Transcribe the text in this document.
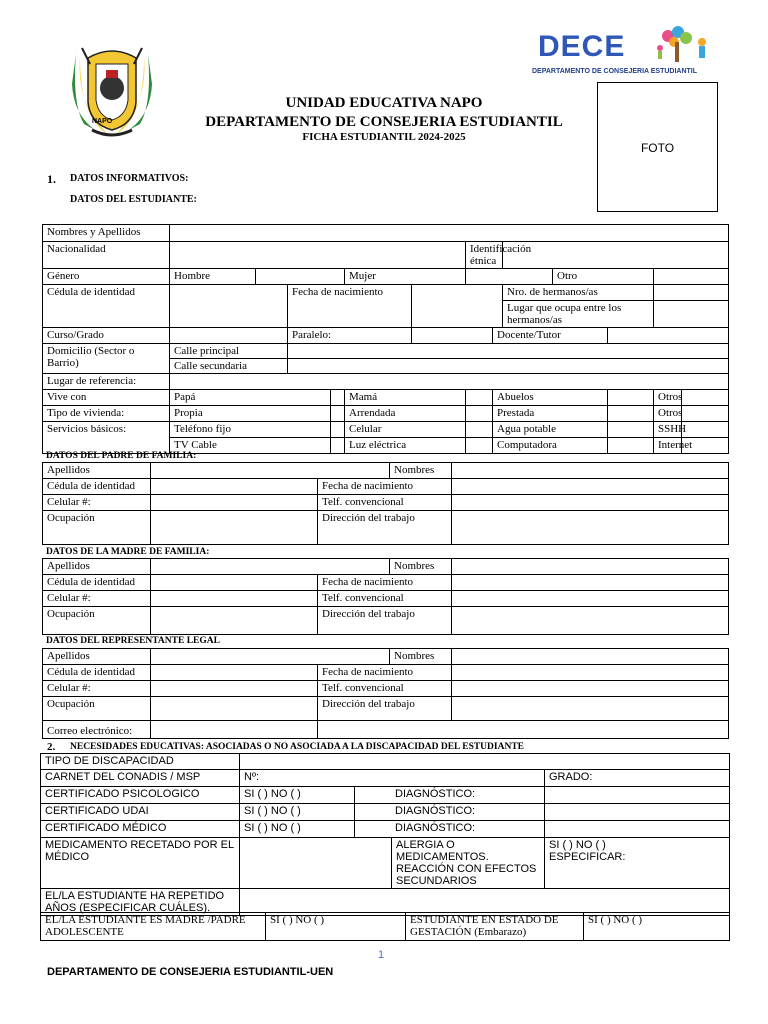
NAPO
DECE
DEPARTAMENTO DE CONSEJERIA ESTUDIANTIL
UNIDAD EDUCATIVA NAPO
DEPARTAMENTO DE CONSEJERIA ESTUDIANTIL
FICHA ESTUDIANTIL 2024-2025
FOTO
1. DATOS INFORMATIVOS:
DATOS DEL ESTUDIANTE:
Nombres y Apellidos													
Nacionalidad							Identificación étnica						
Género	Hombre				Mujer					Otro			
Cédula de identidad			Fecha de nacimiento						Nro. de hermanos/as				
									Lugar que ocupa entre los hermanos/as				
Curso/Grado			Paralelo:					Docente/Tutor					
Domicilio (Sector o Barrio)	Calle principal												
	Calle secundaria												
Lugar de referencia:													
Vive con	Papá				Mamá			Abuelos				Otros	
Tipo de vivienda:	Propia				Arrendada			Prestada				Otros	
Servicios básicos:	Teléfono fijo				Celular			Agua potable				SSHH	
	TV Cable				Luz eléctrica			Computadora				Internet	
DATOS DEL PADRE DE FAMILIA:
Apellidos			Nombres	
Cédula de identidad		Fecha de nacimiento		
Celular #:		Telf. convencional		
Ocupación		Dirección del trabajo		
DATOS DE LA MADRE DE FAMILIA:
Apellidos			Nombres	
Cédula de identidad		Fecha de nacimiento		
Celular #:		Telf. convencional		
Ocupación		Dirección del trabajo		
DATOS DEL REPRESENTANTE LEGAL
Apellidos			Nombres	
Cédula de identidad		Fecha de nacimiento		
Celular #:		Telf. convencional		
Ocupación		Dirección del trabajo		
Correo electrónico:				
2. NECESIDADES EDUCATIVAS: ASOCIADAS O NO ASOCIADA A LA DISCAPACIDAD DEL ESTUDIANTE
TIPO DE DISCAPACIDAD				
CARNET DEL CONADIS / MSP	Nº:			GRADO:
CERTIFICADO PSICOLOGICO	SI ( ) NO ( )	DIAGNÓSTICO:		
CERTIFICADO UDAI	SI ( ) NO ( )	DIAGNÓSTICO:		
CERTIFICADO MÉDICO	SI ( ) NO ( )	DIAGNÓSTICO:		
MEDICAMENTO RECETADO POR EL MÉDICO			ALERGIA O MEDICAMENTOS. REACCIÓN CON EFECTOS SECUNDARIOS	SI ( ) NO ( )
ESPECIFICAR:

EL/LA ESTUDIANTE HA REPETIDO AÑOS (ESPECIFICAR CUÁLES).				
EL/LA ESTUDIANTE ES MADRE /PADRE ADOLESCENTE	SI ( ) NO ( )	ESTUDIANTE EN ESTADO DE GESTACIÓN (Embarazo)	SI ( ) NO ( )
1
DEPARTAMENTO DE CONSEJERIA ESTUDIANTIL-UEN
